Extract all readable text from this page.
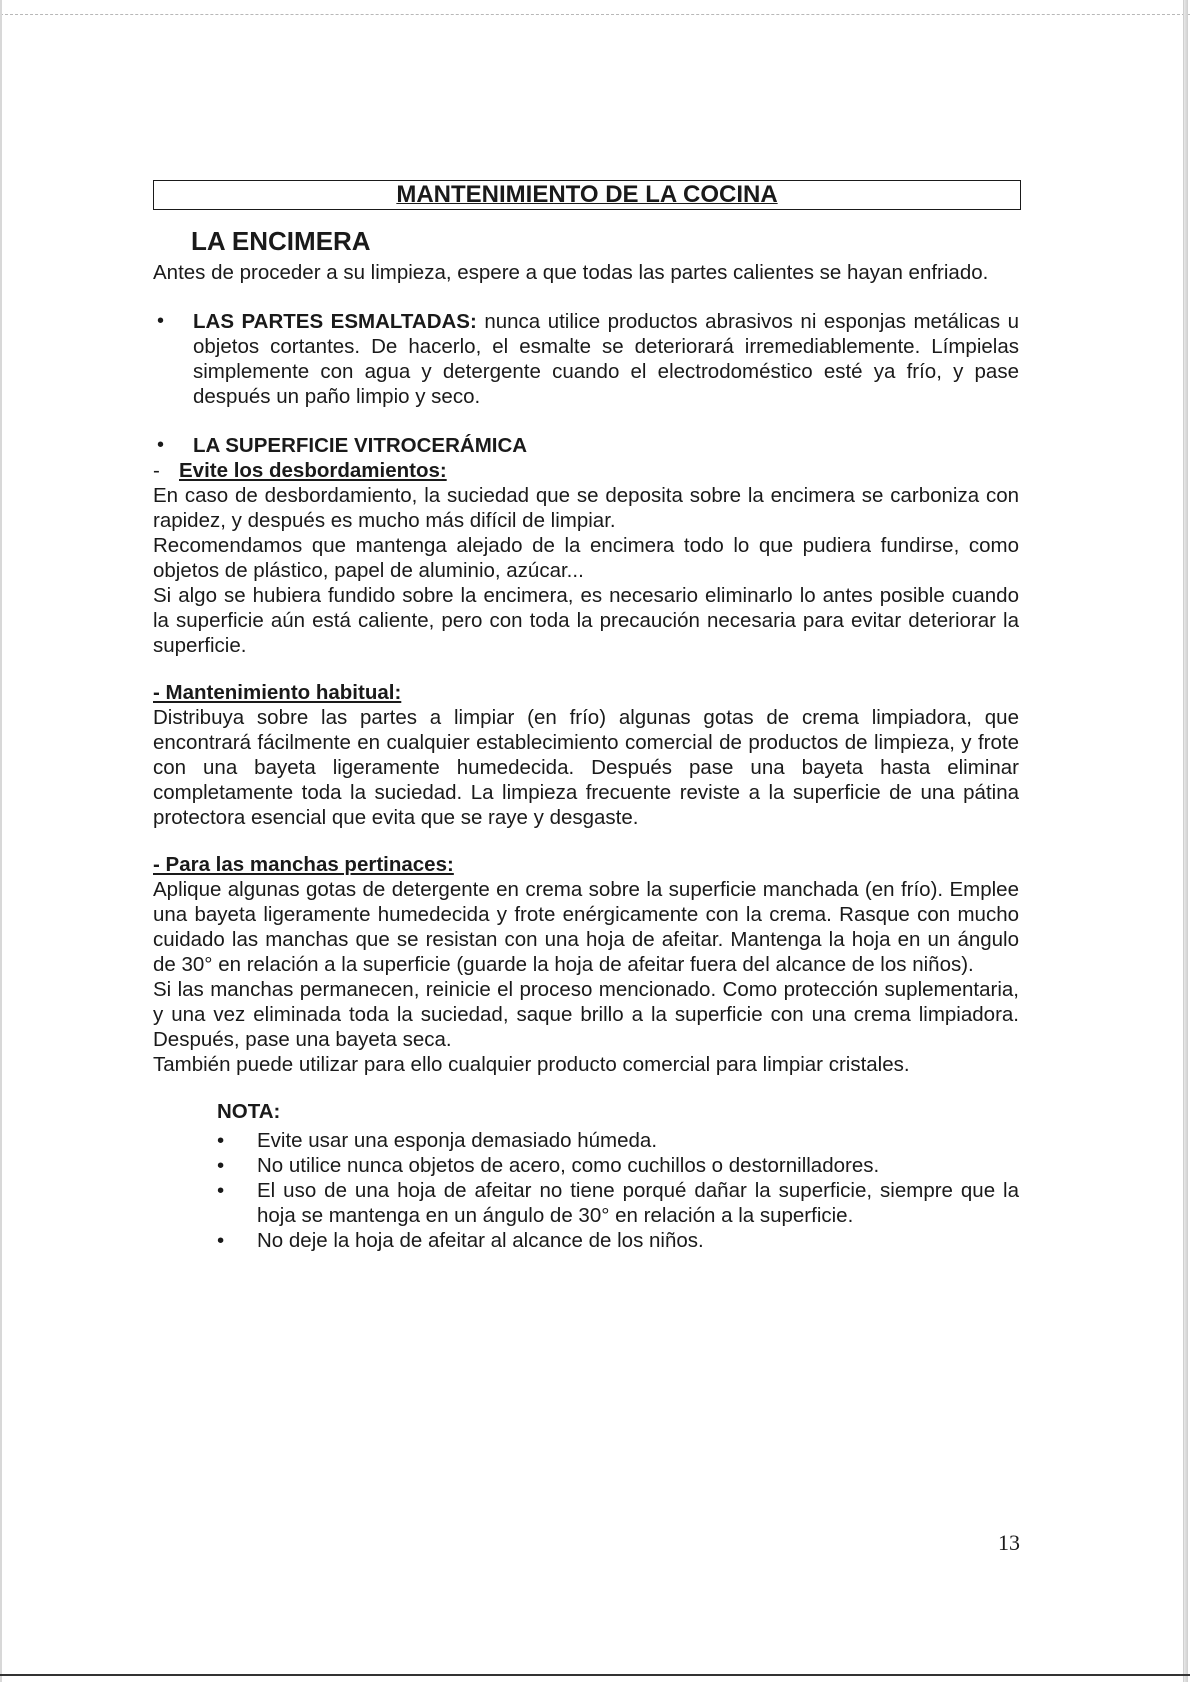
MANTENIMIENTO DE LA COCINA
LA ENCIMERA

Antes de proceder a su limpieza, espere a que todas las partes calientes se hayan enfriado.

• LAS PARTES ESMALTADAS: nunca utilice productos abrasivos ni esponjas metálicas u objetos cortantes. De hacerlo, el esmalte se deteriorará irremediablemente. Límpielas simplemente con agua y detergente cuando el electrodoméstico esté ya frío, y pase después un paño limpio y seco.

• LA SUPERFICIE VITROCERÁMICA

- Evite los desbordamientos:

En caso de desbordamiento, la suciedad que se deposita sobre la encimera se carboniza con rapidez, y después es mucho más difícil de limpiar.

Recomendamos que mantenga alejado de la encimera todo lo que pudiera fundirse, como objetos de plástico, papel de aluminio, azúcar...

Si algo se hubiera fundido sobre la encimera, es necesario eliminarlo lo antes posible cuando la superficie aún está caliente, pero con toda la precaución necesaria para evitar deteriorar la superficie.

- Mantenimiento habitual:

Distribuya sobre las partes a limpiar (en frío) algunas gotas de crema limpiadora, que encontrará fácilmente en cualquier establecimiento comercial de productos de limpieza, y frote con una bayeta ligeramente humedecida. Después pase una bayeta hasta eliminar completamente toda la suciedad. La limpieza frecuente reviste a la superficie de una pátina protectora esencial que evita que se raye y desgaste.

- Para las manchas pertinaces:

Aplique algunas gotas de detergente en crema sobre la superficie manchada (en frío). Emplee una bayeta ligeramente humedecida y frote enérgicamente con la crema. Rasque con mucho cuidado las manchas que se resistan con una hoja de afeitar. Mantenga la hoja en un ángulo de 30° en relación a la superficie (guarde la hoja de afeitar fuera del alcance de los niños).

Si las manchas permanecen, reinicie el proceso mencionado. Como protección suplementaria, y una vez eliminada toda la suciedad, saque brillo a la superficie con una crema limpiadora. Después, pase una bayeta seca.

También puede utilizar para ello cualquier producto comercial para limpiar cristales.

NOTA:
• Evite usar una esponja demasiado húmeda.
• No utilice nunca objetos de acero, como cuchillos o destornilladores.
• El uso de una hoja de afeitar no tiene porqué dañar la superficie, siempre que la hoja se mantenga en un ángulo de 30° en relación a la superficie.
• No deje la hoja de afeitar al alcance de los niños.
13
